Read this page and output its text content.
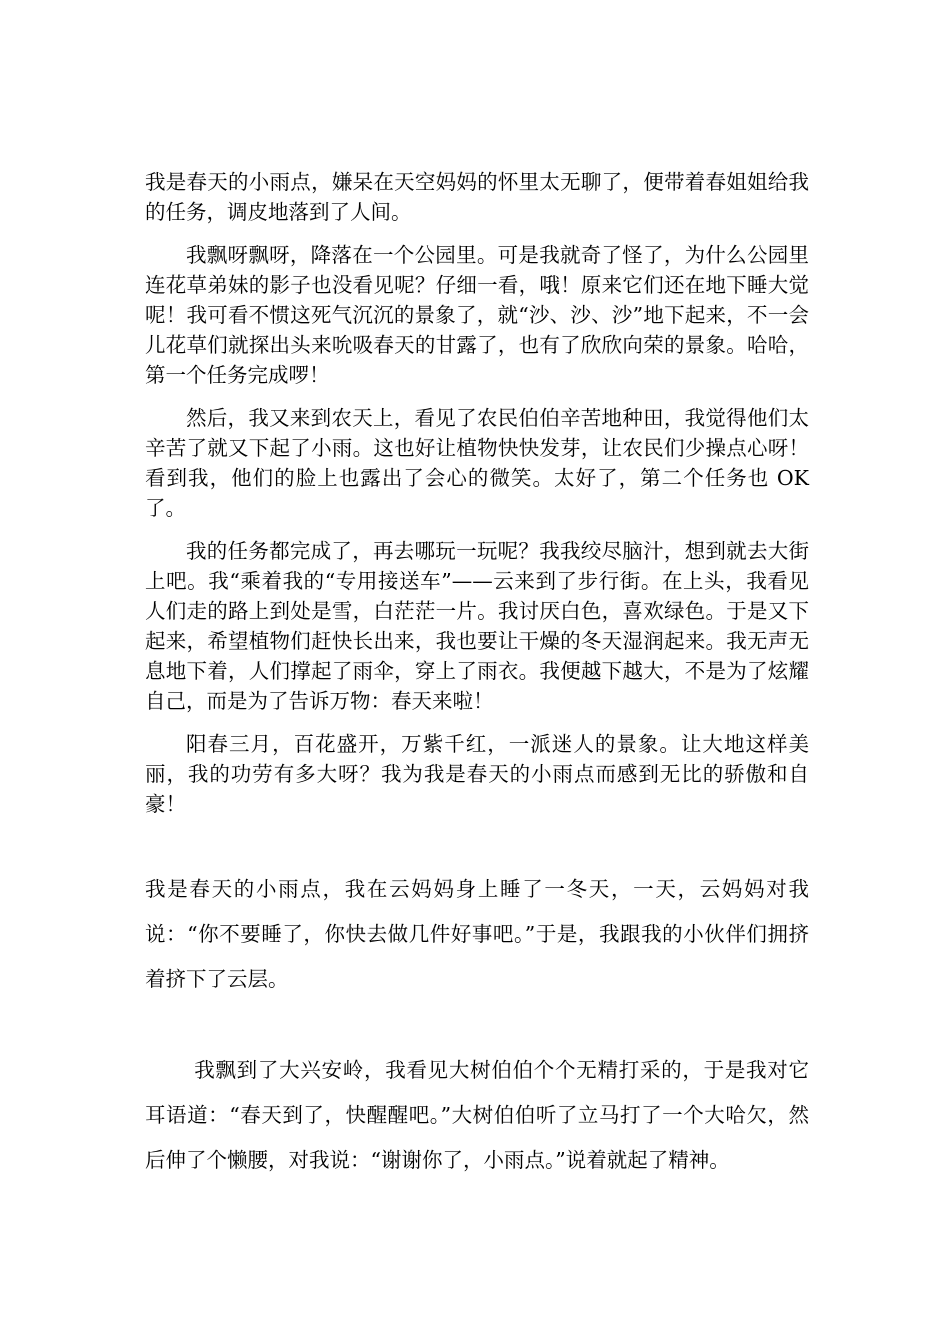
我是春天的小雨点，嫌呆在天空妈妈的怀里太无聊了，便带着春姐姐给我的任务，调皮地落到了人间。

我飘呀飘呀，降落在一个公园里。可是我就奇了怪了，为什么公园里连花草弟妹的影子也没看见呢？仔细一看，哦！原来它们还在地下睡大觉呢！我可看不惯这死气沉沉的景象了，就“沙、沙、沙”地下起来，不一会儿花草们就探出头来吮吸春天的甘露了，也有了欣欣向荣的景象。哈哈，第一个任务完成啰！

然后，我又来到农天上，看见了农民伯伯辛苦地种田，我觉得他们太辛苦了就又下起了小雨。这也好让植物快快发芽，让农民们少操点心呀！看到我，他们的脸上也露出了会心的微笑。太好了，第二个任务也 OK 了。

我的任务都完成了，再去哪玩一玩呢？我我绞尽脑汁，想到就去大街上吧。我“乘着我的“专用接送车”——云来到了步行街。在上头，我看见人们走的路上到处是雪，白茫茫一片。我讨厌白色，喜欢绿色。于是又下起来，希望植物们赶快长出来，我也要让干燥的冬天湿润起来。我无声无息地下着，人们撑起了雨伞，穿上了雨衣。我便越下越大，不是为了炫耀自己，而是为了告诉万物：春天来啦！

阳春三月，百花盛开，万紫千红，一派迷人的景象。让大地这样美丽，我的功劳有多大呀？我为我是春天的小雨点而感到无比的骄傲和自豪！

我是春天的小雨点，我在云妈妈身上睡了一冬天，一天，云妈妈对我说：“你不要睡了，你快去做几件好事吧。”于是，我跟我的小伙伴们拥挤着挤下了云层。

我飘到了大兴安岭，我看见大树伯伯个个无精打采的，于是我对它耳语道：“春天到了，快醒醒吧。”大树伯伯听了立马打了一个大哈欠，然后伸了个懒腰，对我说：“谢谢你了，小雨点。”说着就起了精神。
